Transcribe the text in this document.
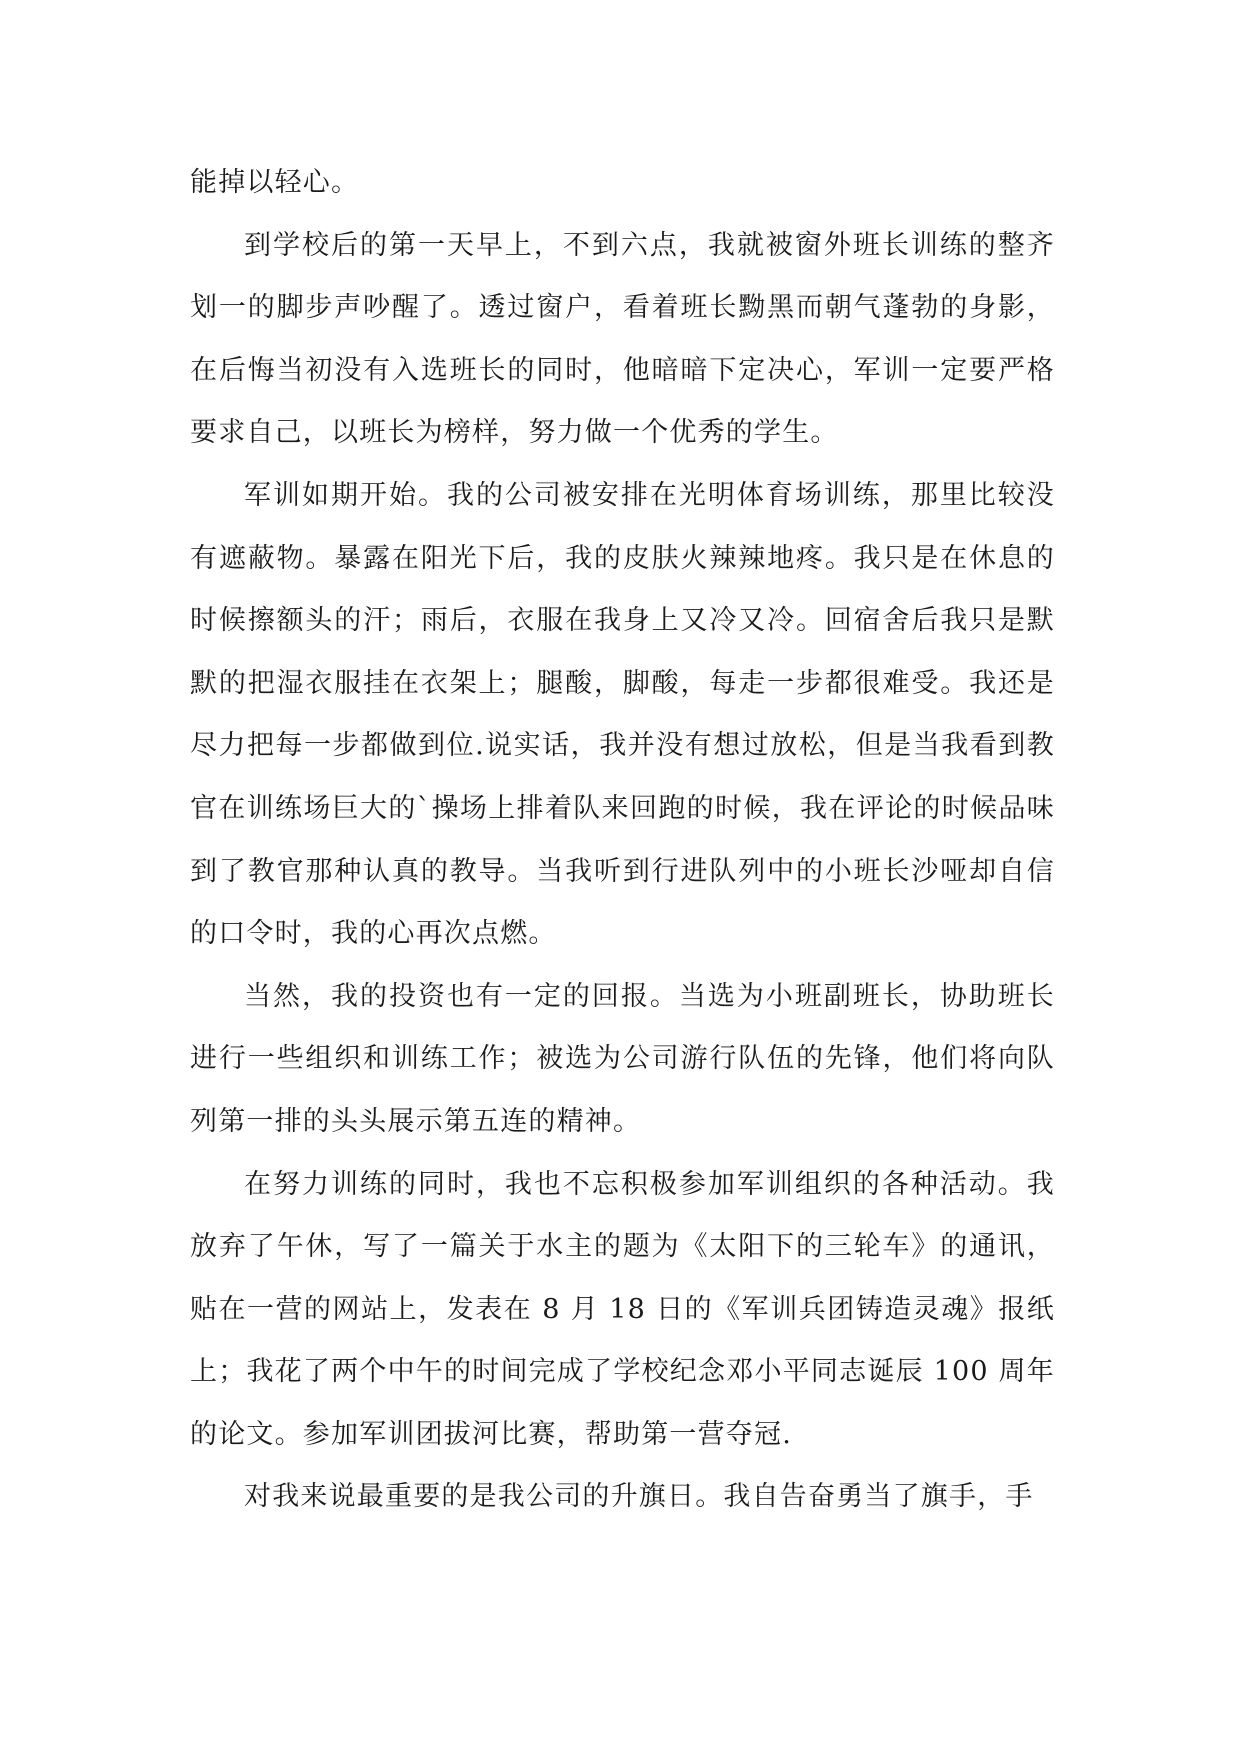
能掉以轻心。

到学校后的第一天早上，不到六点，我就被窗外班长训练的整齐划一的脚步声吵醒了。透过窗户，看着班长黝黑而朝气蓬勃的身影，在后悔当初没有入选班长的同时，他暗暗下定决心，军训一定要严格要求自己，以班长为榜样，努力做一个优秀的学生。

军训如期开始。我的公司被安排在光明体育场训练，那里比较没有遮蔽物。暴露在阳光下后，我的皮肤火辣辣地疼。我只是在休息的时候擦额头的汗；雨后，衣服在我身上又冷又冷。回宿舍后我只是默默的把湿衣服挂在衣架上；腿酸，脚酸，每走一步都很难受。我还是尽力把每一步都做到位.说实话，我并没有想过放松，但是当我看到教官在训练场巨大的`操场上排着队来回跑的时候，我在评论的时候品味到了教官那种认真的教导。当我听到行进队列中的小班长沙哑却自信的口令时，我的心再次点燃。

当然，我的投资也有一定的回报。当选为小班副班长，协助班长进行一些组织和训练工作；被选为公司游行队伍的先锋，他们将向队列第一排的头头展示第五连的精神。

在努力训练的同时，我也不忘积极参加军训组织的各种活动。我放弃了午休，写了一篇关于水主的题为《太阳下的三轮车》的通讯，贴在一营的网站上，发表在 8 月 18 日的《军训兵团铸造灵魂》报纸上；我花了两个中午的时间完成了学校纪念邓小平同志诞辰 100 周年的论文。参加军训团拔河比赛，帮助第一营夺冠.

对我来说最重要的是我公司的升旗日。我自告奋勇当了旗手，手
